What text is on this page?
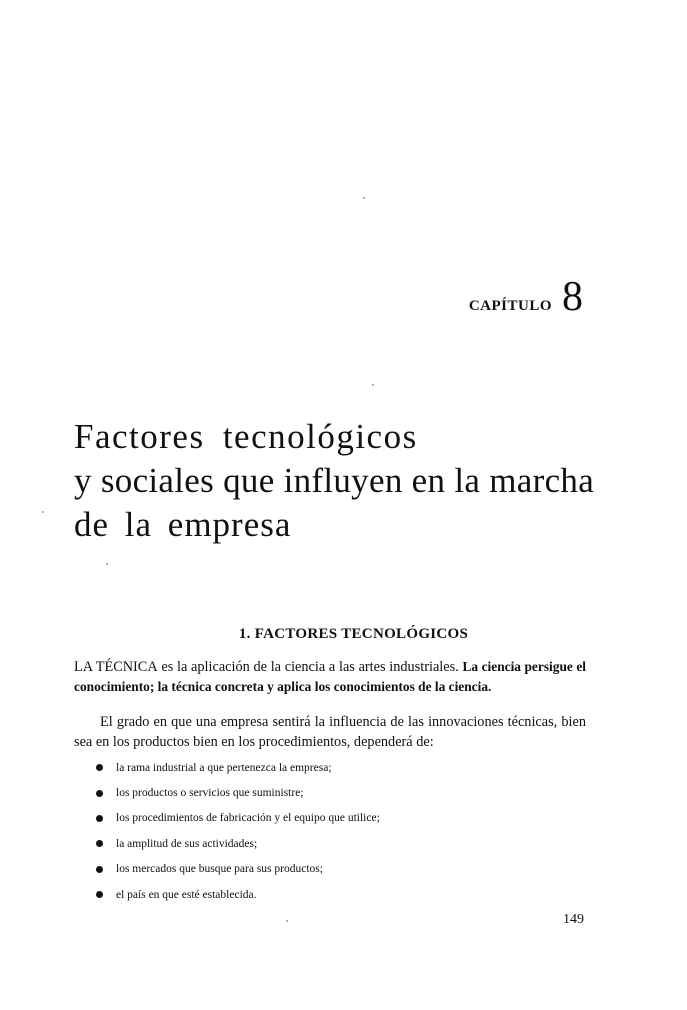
CAPÍTULO 8
Factores tecnológicos
y sociales que influyen en la marcha
de la empresa
1. FACTORES TECNOLÓGICOS

LA TÉCNICA es la aplicación de la ciencia a las artes industriales. La ciencia persigue el conocimiento; la técnica concreta y aplica los conocimientos de la ciencia.

El grado en que una empresa sentirá la influencia de las innovaciones técnicas, bien sea en los productos bien en los procedimientos, dependerá de:

la rama industrial a que pertenezca la empresa;
los productos o servicios que suministre;
los procedimientos de fabricación y el equipo que utilice;
la amplitud de sus actividades;
los mercados que busque para sus productos;
el país en que esté establecida.
149
